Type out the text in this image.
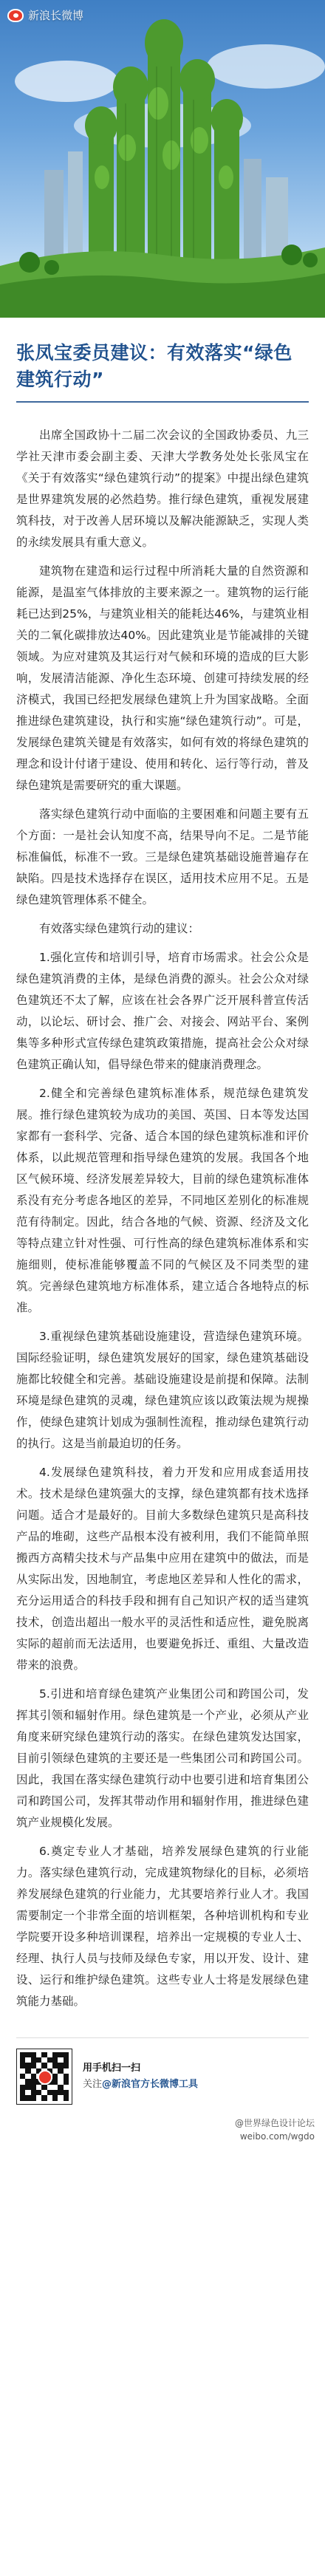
新浪长微博
张凤宝委员建议：有效落实“绿色建筑行动”

出席全国政协十二届二次会议的全国政协委员、九三学社天津市委会副主委、天津大学教务处处长张凤宝在《关于有效落实“绿色建筑行动”的提案》中提出绿色建筑是世界建筑发展的必然趋势。推行绿色建筑，重视发展建筑科技，对于改善人居环境以及解决能源缺乏，实现人类的永续发展具有重大意义。

建筑物在建造和运行过程中所消耗大量的自然资源和能源，是温室气体排放的主要来源之一。建筑物的运行能耗已达到25%，与建筑业相关的能耗达46%，与建筑业相关的二氧化碳排放达40%。因此建筑业是节能减排的关键领域。为应对建筑及其运行对气候和环境的造成的巨大影响，发展清洁能源、净化生态环境、创建可持续发展的经济模式，我国已经把发展绿色建筑上升为国家战略。全面推进绿色建筑建设，执行和实施“绿色建筑行动”。可是，发展绿色建筑关键是有效落实，如何有效的将绿色建筑的理念和设计付诸于建设、使用和转化、运行等行动，普及绿色建筑是需要研究的重大课题。

落实绿色建筑行动中面临的主要困难和问题主要有五个方面：一是社会认知度不高，结果导向不足。二是节能标准偏低，标准不一致。三是绿色建筑基础设施普遍存在缺陷。四是技术选择存在误区，适用技术应用不足。五是绿色建筑管理体系不健全。

有效落实绿色建筑行动的建议：

1.强化宣传和培训引导，培育市场需求。社会公众是绿色建筑消费的主体，是绿色消费的源头。社会公众对绿色建筑还不太了解，应该在社会各界广泛开展科普宣传活动，以论坛、研讨会、推广会、对接会、网站平台、案例集等多种形式宣传绿色建筑政策措施，提高社会公众对绿色建筑正确认知，倡导绿色带来的健康消费理念。

2.健全和完善绿色建筑标准体系，规范绿色建筑发展。推行绿色建筑较为成功的美国、英国、日本等发达国家都有一套科学、完备、适合本国的绿色建筑标准和评价体系，以此规范管理和指导绿色建筑的发展。我国各个地区气候环境、经济发展差异较大，目前的绿色建筑标准体系没有充分考虑各地区的差异，不同地区差别化的标准规范有待制定。因此，结合各地的气候、资源、经济及文化等特点建立针对性强、可行性高的绿色建筑标准体系和实施细则，使标准能够覆盖不同的气候区及不同类型的建筑。完善绿色建筑地方标准体系，建立适合各地特点的标准。

3.重视绿色建筑基础设施建设，营造绿色建筑环境。国际经验证明，绿色建筑发展好的国家，绿色建筑基础设施都比较健全和完善。基础设施建设是前提和保障。法制环境是绿色建筑的灵魂，绿色建筑应该以政策法规为规操作，使绿色建筑计划成为强制性流程，推动绿色建筑行动的执行。这是当前最迫切的任务。

4.发展绿色建筑科技，着力开发和应用成套适用技术。技术是绿色建筑强大的支撑，绿色建筑都有技术选择问题。适合才是最好的。目前大多数绿色建筑只是高科技产品的堆砌，这些产品根本没有被利用，我们不能简单照搬西方高精尖技术与产品集中应用在建筑中的做法，而是从实际出发，因地制宜，考虑地区差异和人性化的需求，充分运用适合的科技手段和拥有自己知识产权的适当建筑技术，创造出超出一般水平的灵活性和适应性，避免脱离实际的超前而无法适用，也要避免拆迁、重组、大量改造带来的浪费。

5.引进和培育绿色建筑产业集团公司和跨国公司，发挥其引领和辐射作用。绿色建筑是一个产业，必须从产业角度来研究绿色建筑行动的落实。在绿色建筑发达国家，目前引领绿色建筑的主要还是一些集团公司和跨国公司。因此，我国在落实绿色建筑行动中也要引进和培育集团公司和跨国公司，发挥其带动作用和辐射作用，推进绿色建筑产业规模化发展。

6.奠定专业人才基础，培养发展绿色建筑的行业能力。落实绿色建筑行动，完成建筑物绿化的目标，必须培养发展绿色建筑的行业能力，尤其要培养行业人才。我国需要制定一个非常全面的培训框架，各种培训机构和专业学院要开设多种培训课程，培养出一定规模的专业人士、经理、执行人员与技师及绿色专家，用以开发、设计、建设、运行和维护绿色建筑。这些专业人士将是发展绿色建筑能力基础。

用手机扫一扫
关注@新浪官方长微博工具
@世界绿色设计论坛
weibo.com/wgdo
